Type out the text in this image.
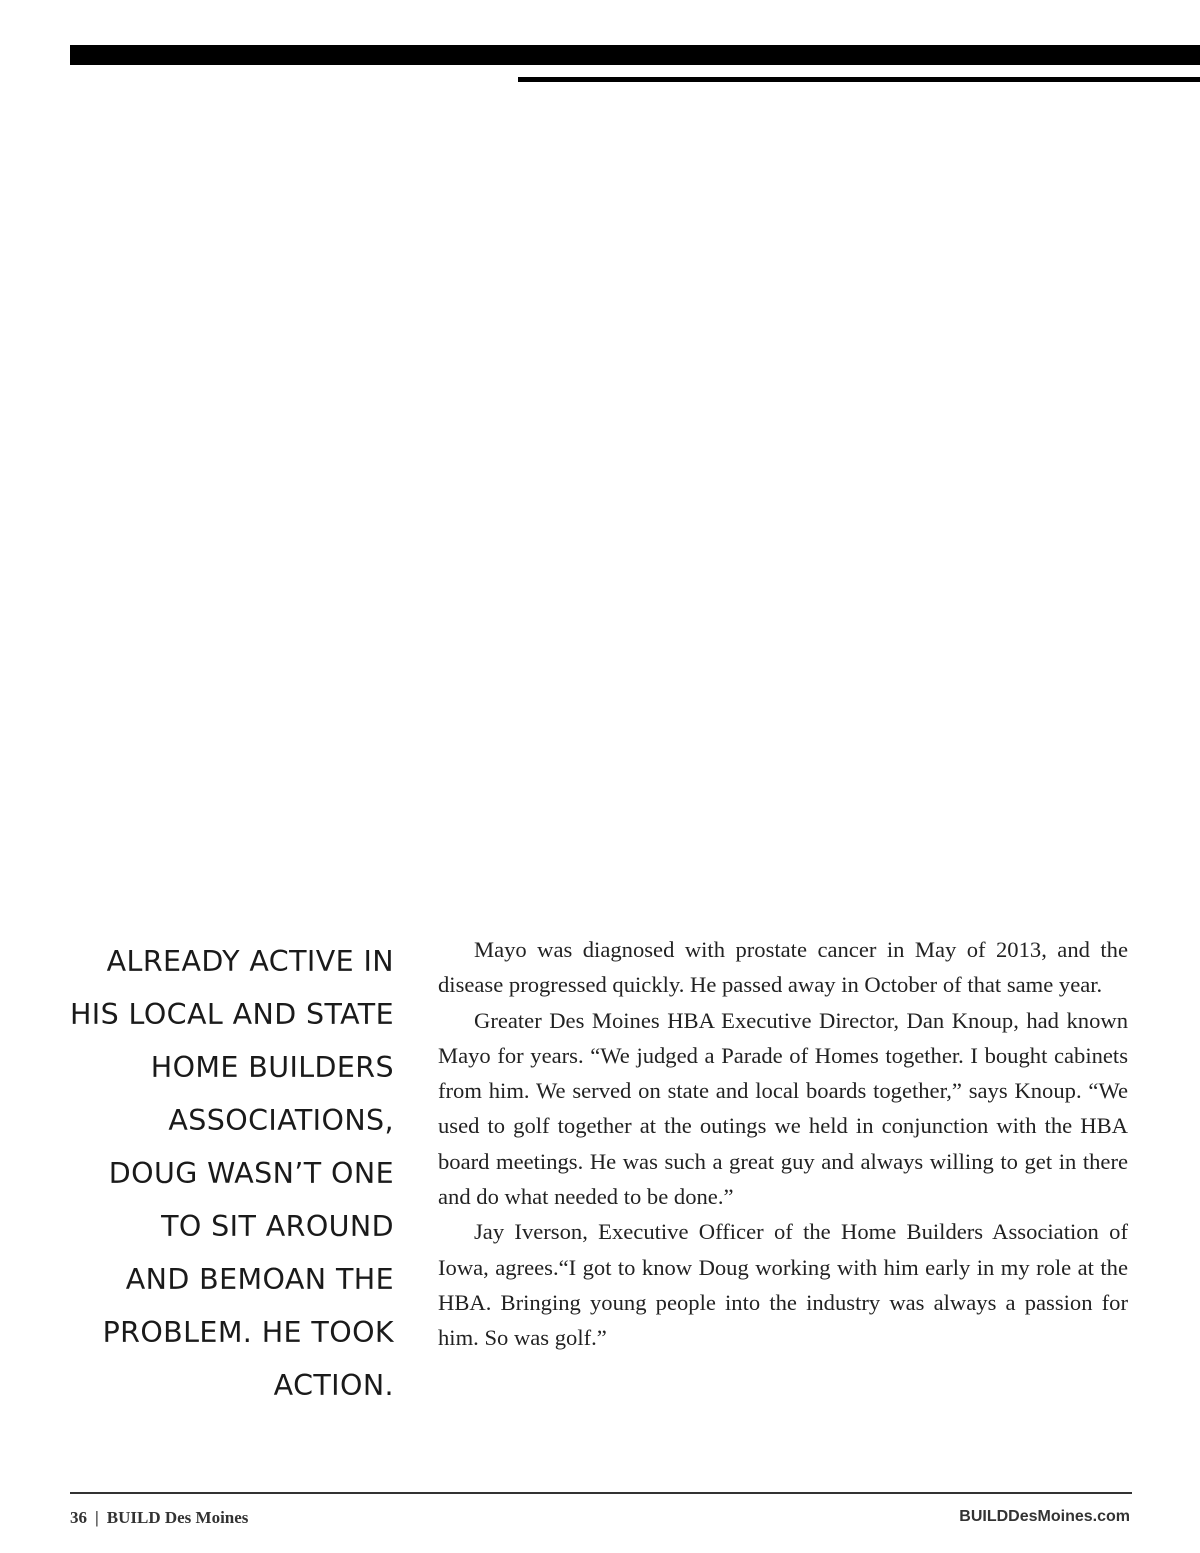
ALREADY ACTIVE IN
HIS LOCAL AND STATE
HOME BUILDERS
ASSOCIATIONS,
DOUG WASN’T ONE
TO SIT AROUND
AND BEMOAN THE
PROBLEM. HE TOOK
ACTION.

Mayo was diagnosed with prostate cancer in May of 2013, and the disease progressed quickly. He passed away in October of that same year.

Greater Des Moines HBA Executive Director, Dan Knoup, had known Mayo for years. “We judged a Parade of Homes together. I bought cabinets from him. We served on state and local boards together,” says Knoup. “We used to golf together at the outings we held in conjunction with the HBA board meetings. He was such a great guy and always willing to get in there and do what needed to be done.”

Jay Iverson, Executive Officer of the Home Builders Association of Iowa, agrees.“I got to know Doug working with him early in my role at the HBA. Bringing young people into the industry was always a passion for him. So was golf.”

36 | BUILD Des Moines	BUILDDesMoines.com
